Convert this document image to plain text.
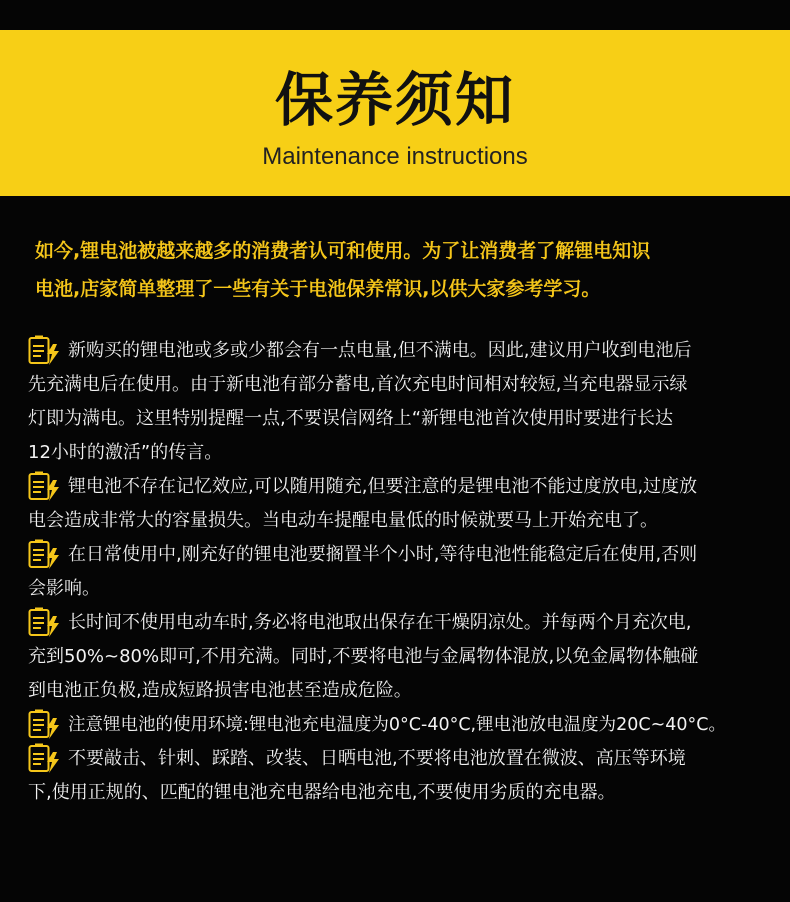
保养须知
Maintenance instructions

如今,锂电池被越来越多的消费者认可和使用。为了让消费者了解锂电知识

电池,店家简单整理了一些有关于电池保养常识,以供大家参考学习。

新购买的锂电池或多或少都会有一点电量,但不满电。因此,建议用户收到电池后
先充满电后在使用。由于新电池有部分蓄电,首次充电时间相对较短,当充电器显示绿
灯即为满电。这里特别提醒一点,不要误信网络上“新锂电池首次使用时要进行长达
12小时的激活”的传言。
锂电池不存在记忆效应,可以随用随充,但要注意的是锂电池不能过度放电,过度放
电会造成非常大的容量损失。当电动车提醒电量低的时候就要马上开始充电了。
在日常使用中,刚充好的锂电池要搁置半个小时,等待电池性能稳定后在使用,否则
会影响。
长时间不使用电动车时,务必将电池取出保存在干燥阴凉处。并每两个月充次电,
充到50%~80%即可,不用充满。同时,不要将电池与金属物体混放,以免金属物体触碰
到电池正负极,造成短路损害电池甚至造成危险。
注意锂电池的使用环境:锂电池充电温度为0°C-40°C,锂电池放电温度为20C~40°C。
不要敲击、针刺、踩踏、改装、日晒电池,不要将电池放置在微波、高压等环境
下,使用正规的、匹配的锂电池充电器给电池充电,不要使用劣质的充电器。
